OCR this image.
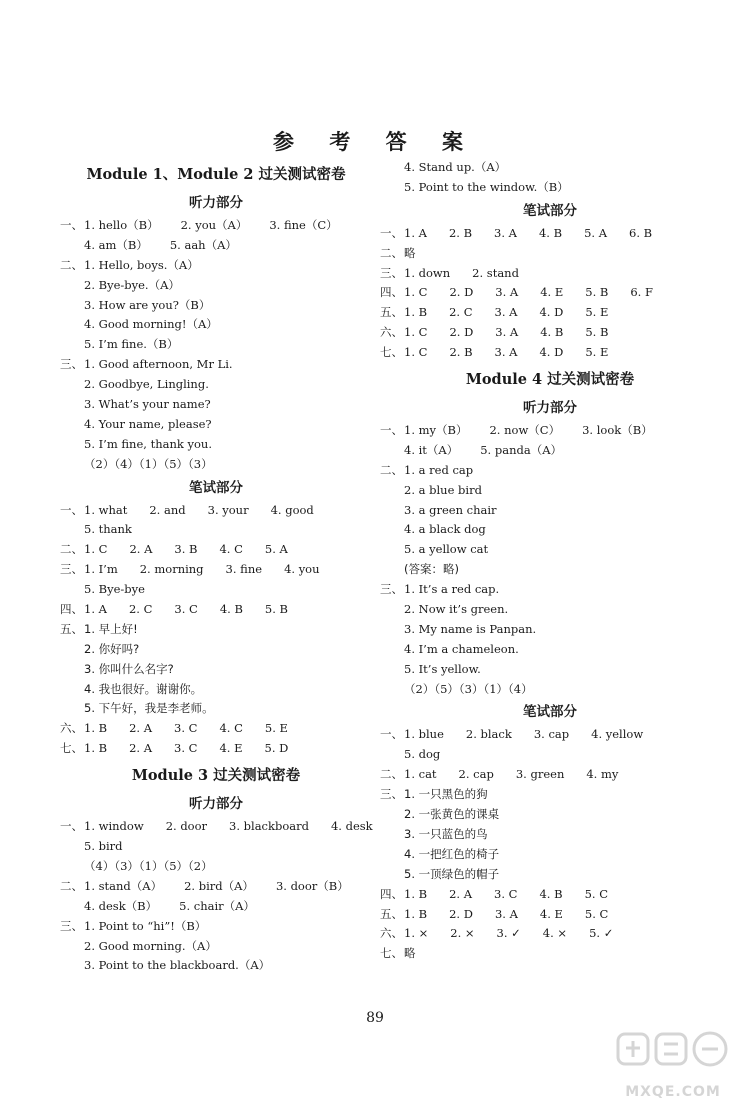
参 考 答 案
Module 1、Module 2 过关测试密卷
听力部分
一、 1. hello（B） 2. you（A） 3. fine（C）
4. am（B） 5. aah（A）
二、 1. Hello, boys.（A）
2. Bye-bye.（A）
3. How are you?（B）
4. Good morning!（A）
5. I’m fine.（B）
三、 1. Good afternoon, Mr Li.
2. Goodbye, Lingling.
3. What’s your name?
4. Your name, please?
5. I’m fine, thank you.
（2）（4）（1）（5）（3）
笔试部分
一、 1. what 2. and 3. your 4. good
5. thank
二、 1. C 2. A 3. B 4. C 5. A
三、 1. I’m 2. morning 3. fine 4. you
5. Bye-bye
四、 1. A 2. C 3. C 4. B 5. B
五、 1. 早上好!
2. 你好吗?
3. 你叫什么名字?
4. 我也很好。谢谢你。
5. 下午好，我是李老师。
六、 1. B 2. A 3. C 4. C 5. E
七、 1. B 2. A 3. C 4. E 5. D
Module 3 过关测试密卷
听力部分
一、 1. window 2. door 3. blackboard 4. desk
5. bird
（4）（3）（1）（5）（2）
二、 1. stand（A） 2. bird（A） 3. door（B）
4. desk（B） 5. chair（A）
三、 1. Point to “hi”!（B）
2. Good morning.（A）
3. Point to the blackboard.（A）
4. Stand up.（A）
5. Point to the window.（B）
笔试部分
一、 1. A 2. B 3. A 4. B 5. A 6. B
二、 略
三、 1. down 2. stand
四、 1. C 2. D 3. A 4. E 5. B 6. F
五、 1. B 2. C 3. A 4. D 5. E
六、 1. C 2. D 3. A 4. B 5. B
七、 1. C 2. B 3. A 4. D 5. E
Module 4 过关测试密卷
听力部分
一、 1. my（B） 2. now（C） 3. look（B）
4. it（A） 5. panda（A）
二、 1. a red cap
2. a blue bird
3. a green chair
4. a black dog
5. a yellow cat
(答案：略)
三、 1. It’s a red cap.
2. Now it’s green.
3. My name is Panpan.
4. I’m a chameleon.
5. It’s yellow.
（2）（5）（3）（1）（4）
笔试部分
一、 1. blue 2. black 3. cap 4. yellow
5. dog
二、 1. cat 2. cap 3. green 4. my
三、 1. 一只黑色的狗
2. 一张黄色的课桌
3. 一只蓝色的鸟
4. 一把红色的椅子
5. 一顶绿色的帽子
四、 1. B 2. A 3. C 4. B 5. C
五、 1. B 2. D 3. A 4. E 5. C
六、 1. × 2. × 3. ✓ 4. × 5. ✓
七、 略
89
MXQE.COM
